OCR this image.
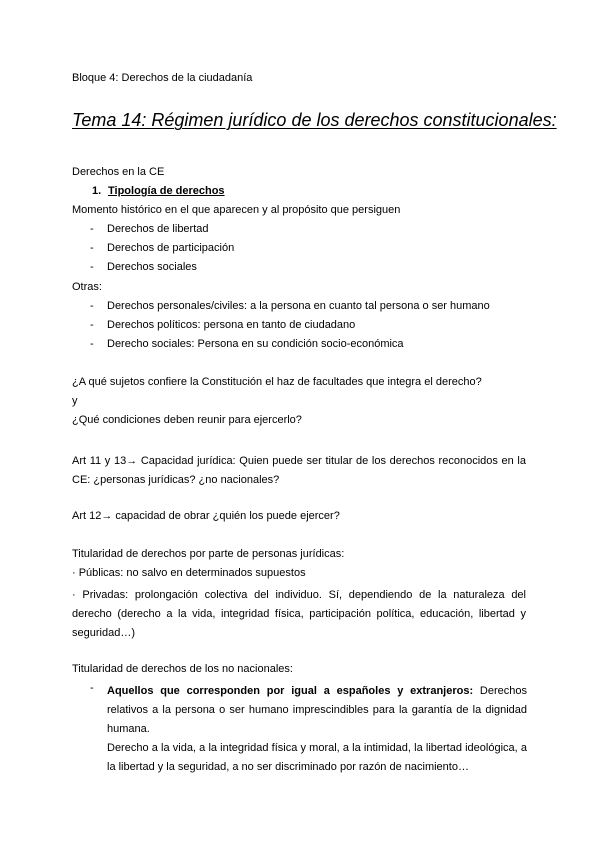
Bloque 4: Derechos de la ciudadanía
Tema 14: Régimen jurídico de los derechos constitucionales:
Derechos en la CE
1. Tipología de derechos
Momento histórico en el que aparecen y al propósito que persiguen
- Derechos de libertad
- Derechos de participación
- Derechos sociales
Otras:
- Derechos personales/civiles: a la persona en cuanto tal persona o ser humano
- Derechos políticos: persona en tanto de ciudadano
- Derecho sociales: Persona en su condición socio-económica
¿A qué sujetos confiere la Constitución el haz de facultades que integra el derecho?
y
¿Qué condiciones deben reunir para ejercerlo?
Art 11 y 13→ Capacidad jurídica: Quien puede ser titular de los derechos reconocidos en la CE: ¿personas jurídicas? ¿no nacionales?
Art 12→ capacidad de obrar ¿quién los puede ejercer?
Titularidad de derechos por parte de personas jurídicas:
· Públicas: no salvo en determinados supuestos
· Privadas: prolongación colectiva del individuo. Sí, dependiendo de la naturaleza del derecho (derecho a la vida, integridad física, participación política, educación, libertad y seguridad…)
Titularidad de derechos de los no nacionales:
- Aquellos que corresponden por igual a españoles y extranjeros: Derechos relativos a la persona o ser humano imprescindibles para la garantía de la dignidad humana.
Derecho a la vida, a la integridad física y moral, a la intimidad, la libertad ideológica, a la libertad y la seguridad, a no ser discriminado por razón de nacimiento…
